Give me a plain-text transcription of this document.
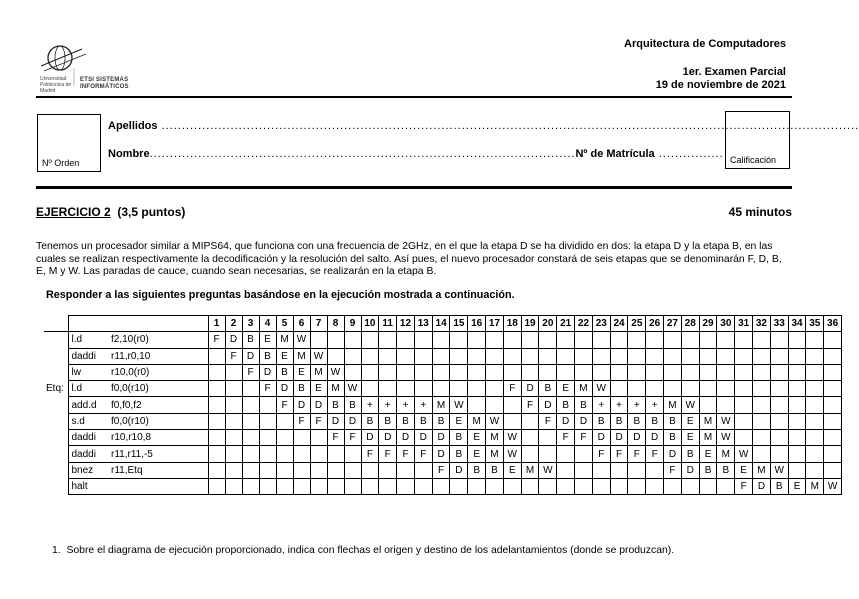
Universidad Politécnica de Madrid
ETSI SISTEMAS
INFORMÁTICOS
Arquitectura de Computadores
1er. Examen Parcial
19 de noviembre de 2021
Nº Orden
Apellidos ............................................................................................................................................................................
Nombre.........................................................................................................Nº de Matrícula ................ Calificación
EJERCICIO 2 (3,5 puntos)	45 minutos
Tenemos un procesador similar a MIPS64, que funciona con una frecuencia de 2GHz, en el que la etapa D se ha dividido en dos: la etapa D y la etapa B, en las cuales se realizan respectivamente la decodificación y la resolución del salto. Así pues, el nuevo procesador constará de seis etapas que se denominarán F, D, B, E, M y W. Las paradas de cauce, cuando sean necesarias, se realizarán en la etapa B.
Responder a las siguientes preguntas basándose en la ejecución mostrada a continuación.
			1	2	3	4	5	6	7	8	9	10	11	12	13	14	15	16	17	18	19	20	21	22	23	24	25	26	27	28	29	30	31	32	33	34	35	36
	l.d	f2,10(r0)	F	D	B	E	M	W																														
	daddi	r11,r0,10		F	D	B	E	M	W																													
	lw	r10,0(r0)			F	D	B	E	M	W																												
Etq:	l.d	f0,0(r10)				F	D	B	E	M	W									F	D	B	E	M	W													
	add.d	f0,f0,f2					F	D	D	B	B	+	+	+	+	M	W				F	D	B	B	+	+	+	+	M	W								
	s.d	f0,0(r10)						F	F	D	D	B	B	B	B	B	E	M	W			F	D	D	B	B	B	B	B	E	M	W						
	daddi	r10,r10,8								F	F	D	D	D	D	D	B	E	M	W			F	F	D	D	D	D	B	E	M	W						
	daddi	r11,r11,-5										F	F	F	F	D	B	E	M	W					F	F	F	F	D	B	E	M	W					
	bnez	r11,Etq														F	D	B	B	E	M	W							F	D	B	B	E	M	W			
	halt																																F	D	B	E	M	W
1. Sobre el diagrama de ejecución proporcionado, indica con flechas el origen y destino de los adelantamientos (donde se produzcan).
